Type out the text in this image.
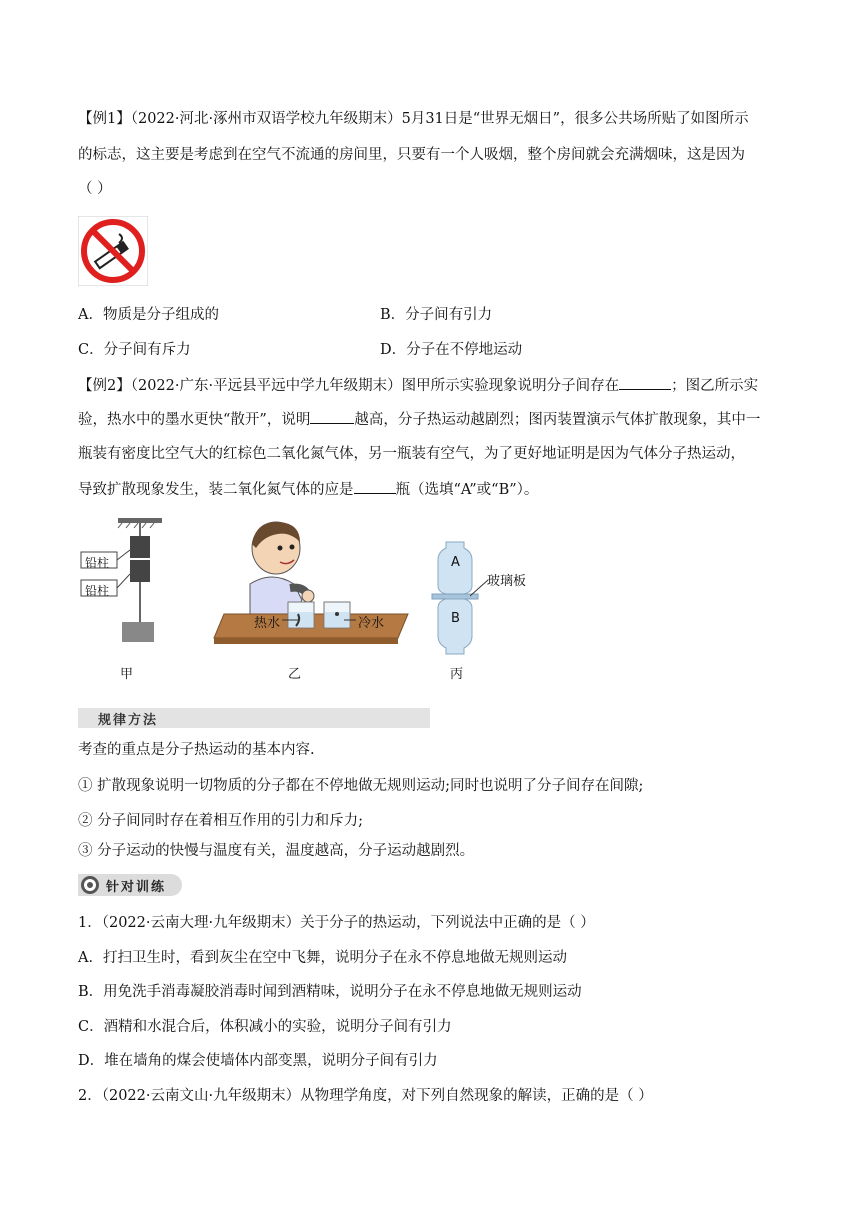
【例1】（2022·河北·涿州市双语学校九年级期末）5月31日是“世界无烟日”，很多公共场所贴了如图所示
的标志，这主要是考虑到在空气不流通的房间里，只要有一个人吸烟，整个房间就会充满烟味，这是因为
（ ）
A．物质是分子组成的	B．分子间有引力
C．分子间有斥力	D．分子在不停地运动
【例2】（2022·广东·平远县平远中学九年级期末）图甲所示实验现象说明分子间存在	；图乙所示实
验，热水中的墨水更快“散开”，说明	越高，分子热运动越剧烈；图丙装置演示气体扩散现象，其中一
瓶装有密度比空气大的红棕色二氧化氮气体，另一瓶装有空气，为了更好地证明是因为气体分子热运动，
导致扩散现象发生，装二氧化氮气体的应是	瓶（选填“A”或“B”）。
铅柱
铅柱
甲
热水	冷水
乙
A
B
玻璃板
丙
规律方法
考查的重点是分子热运动的基本内容.
① 扩散现象说明一切物质的分子都在不停地做无规则运动;同时也说明了分子间存在间隙;
② 分子间同时存在着相互作用的引力和斥力;
③ 分子运动的快慢与温度有关，温度越高，分子运动越剧烈。
针对训练
1．（2022·云南大理·九年级期末）关于分子的热运动，下列说法中正确的是（ ）
A．打扫卫生时，看到灰尘在空中飞舞，说明分子在永不停息地做无规则运动
B．用免洗手消毒凝胶消毒时闻到酒精味，说明分子在永不停息地做无规则运动
C．酒精和水混合后，体积减小的实验，说明分子间有引力
D．堆在墙角的煤会使墙体内部变黑，说明分子间有引力
2．（2022·云南文山·九年级期末）从物理学角度，对下列自然现象的解读，正确的是（ ）
